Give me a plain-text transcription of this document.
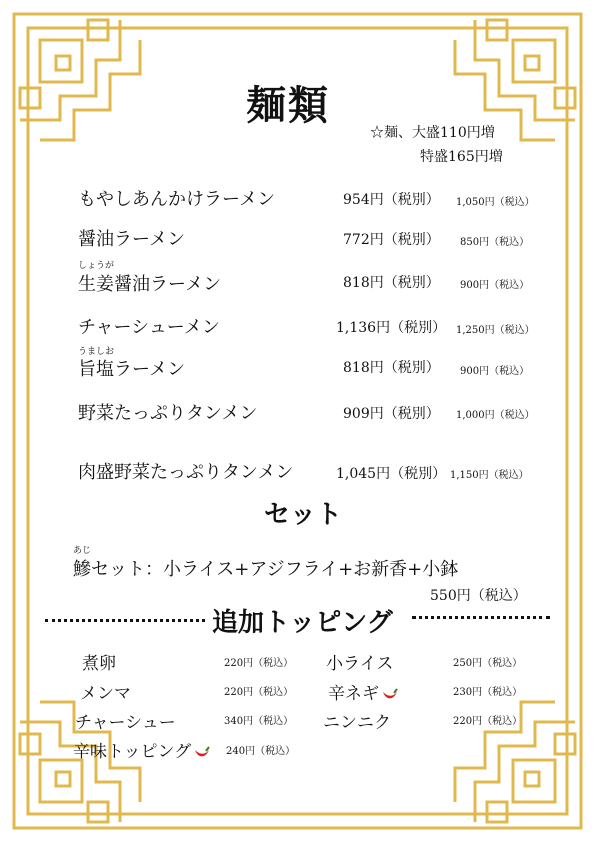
麺類
☆麺、大盛110円増
特盛165円増
もやしあんかけラーメン	954円（税別） 1,050円（税込）
醤油ラーメン	772円（税別） 850円（税込）
しょうが
生姜醤油ラーメン	818円（税別） 900円（税込）
チャーシューメン	1,136円（税別） 1,250円（税込）
うましお
旨塩ラーメン	818円（税別） 900円（税込）
野菜たっぷりタンメン	909円（税別） 1,000円（税込）
肉盛野菜たっぷりタンメン	1,045円（税別） 1,150円（税込）
セット
あじ
鰺セット：小ライス+アジフライ+お新香+小鉢
550円（税込）
追加トッピング
煮卵	220円（税込）
メンマ	220円（税込）
チャーシュー	340円（税込）
辛味トッピング	240円（税込）
小ライス	250円（税込）
辛ネギ	230円（税込）
ニンニク	220円（税込）
